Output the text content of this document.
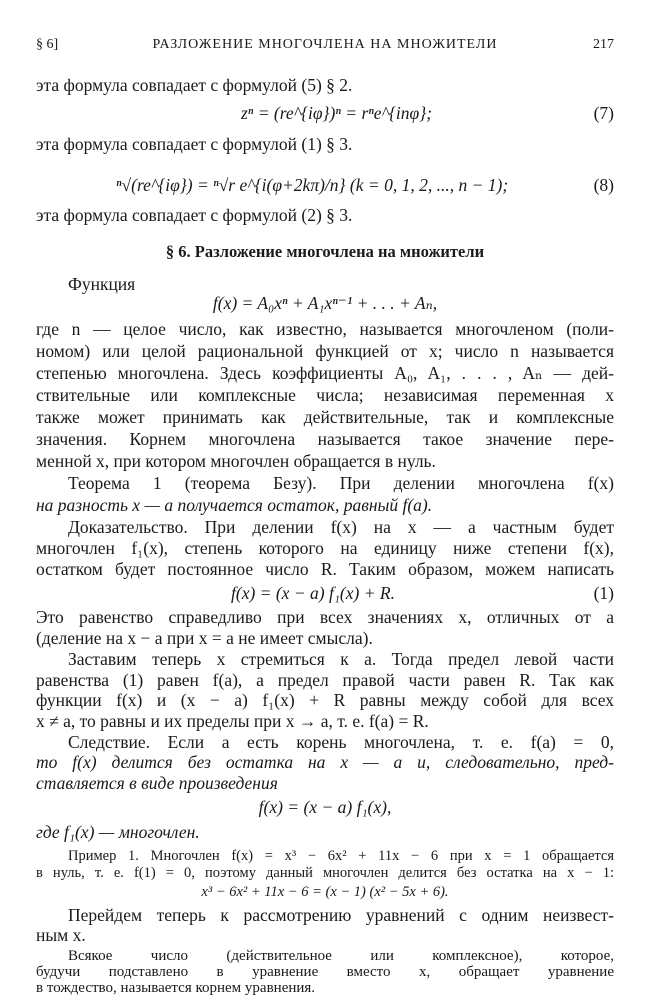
§ 6]	РАЗЛОЖЕНИЕ МНОГОЧЛЕНА НА МНОЖИТЕЛИ	217
эта формула совпадает с формулой (5) § 2.
zⁿ = (re^{iφ})ⁿ = rⁿe^{inφ};	(7)
эта формула совпадает с формулой (1) § 3.
ⁿ√(re^{iφ}) = ⁿ√r e^{i(φ+2kπ)/n} (k = 0, 1, 2, ..., n − 1);	(8)
эта формула совпадает с формулой (2) § 3.
§ 6. Разложение многочлена на множители
Функция
f(x) = A₀xⁿ + A₁xⁿ⁻¹ + . . . + Aₙ,
где n — целое число, как известно, называется многочленом (поли-
номом) или целой рациональной функцией от x; число n называется
степенью многочлена. Здесь коэффициенты A₀, A₁, . . . , Aₙ — дей-
ствительные или комплексные числа; независимая переменная x
также может принимать как действительные, так и комплексные
значения. Корнем многочлена называется такое значение пере-
менной x, при котором многочлен обращается в нуль.
Теорема 1 (теорема Безу). При делении многочлена f(x)
на разность x — a получается остаток, равный f(a).
Доказательство. При делении f(x) на x — a частным будет
многочлен f₁(x), степень которого на единицу ниже степени f(x),
остатком будет постоянное число R. Таким образом, можем написать
f(x) = (x − a) f₁(x) + R.	(1)
Это равенство справедливо при всех значениях x, отличных от a
(деление на x − a при x = a не имеет смысла).
Заставим теперь x стремиться к a. Тогда предел левой части
равенства (1) равен f(a), а предел правой части равен R. Так как
функции f(x) и (x − a) f₁(x) + R равны между собой для всех
x ≠ a, то равны и их пределы при x → a, т. е. f(a) = R.
Следствие. Если a есть корень многочлена, т. е. f(a) = 0,
то f(x) делится без остатка на x — a и, следовательно, пред-
ставляется в виде произведения
f(x) = (x − a) f₁(x),
где f₁(x) — многочлен.
Пример 1. Многочлен f(x) = x³ − 6x² + 11x − 6 при x = 1 обращается
в нуль, т. е. f(1) = 0, поэтому данный многочлен делится без остатка на x − 1:
x³ − 6x² + 11x − 6 = (x − 1) (x² − 5x + 6).
Перейдем теперь к рассмотрению уравнений с одним неизвест-
ным x.
Всякое число (действительное или комплексное), которое,
будучи подставлено в уравнение вместо x, обращает уравнение
в тождество, называется корнем уравнения.
